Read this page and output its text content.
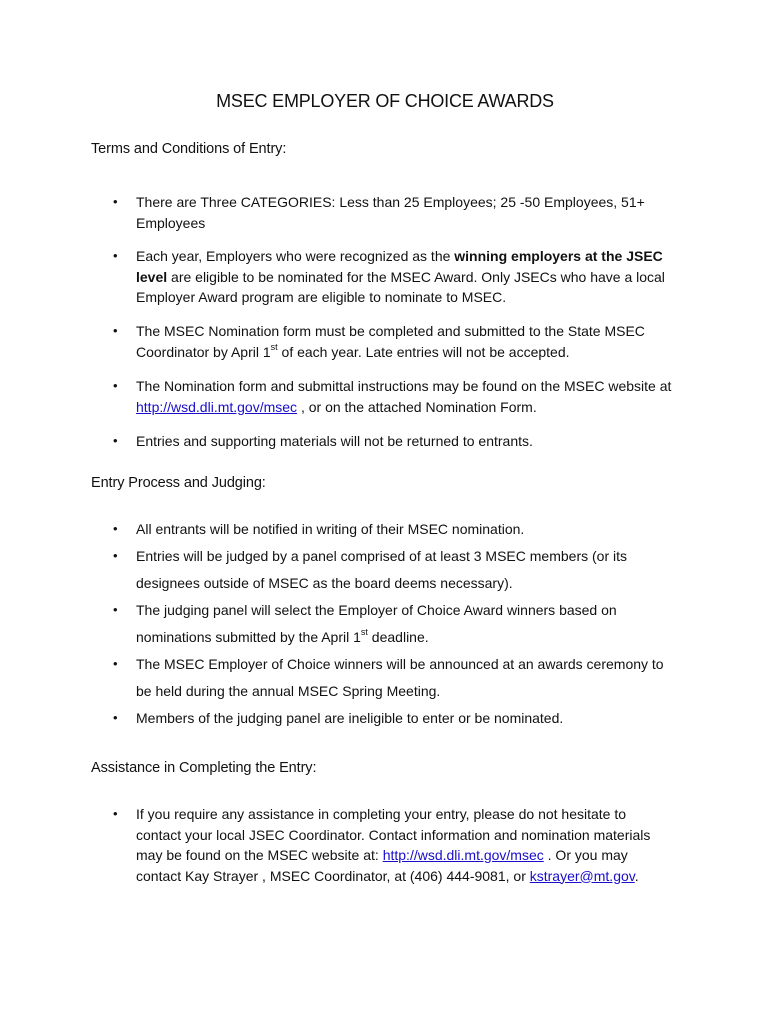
MSEC EMPLOYER OF CHOICE AWARDS
Terms and Conditions of Entry:
• There are Three CATEGORIES: Less than 25 Employees; 25 -50 Employees, 51+ Employees
• Each year, Employers who were recognized as the winning employers at the JSEC level are eligible to be nominated for the MSEC Award. Only JSECs who have a local Employer Award program are eligible to nominate to MSEC.
• The MSEC Nomination form must be completed and submitted to the State MSEC Coordinator by April 1st of each year. Late entries will not be accepted.
• The Nomination form and submittal instructions may be found on the MSEC website at http://wsd.dli.mt.gov/msec , or on the attached Nomination Form.
• Entries and supporting materials will not be returned to entrants.
Entry Process and Judging:
• All entrants will be notified in writing of their MSEC nomination.
• Entries will be judged by a panel comprised of at least 3 MSEC members (or its designees outside of MSEC as the board deems necessary).
• The judging panel will select the Employer of Choice Award winners based on nominations submitted by the April 1st deadline.
• The MSEC Employer of Choice winners will be announced at an awards ceremony to be held during the annual MSEC Spring Meeting.
• Members of the judging panel are ineligible to enter or be nominated.
Assistance in Completing the Entry:
• If you require any assistance in completing your entry, please do not hesitate to contact your local JSEC Coordinator. Contact information and nomination materials may be found on the MSEC website at: http://wsd.dli.mt.gov/msec . Or you may contact Kay Strayer , MSEC Coordinator, at (406) 444-9081, or kstrayer@mt.gov.
